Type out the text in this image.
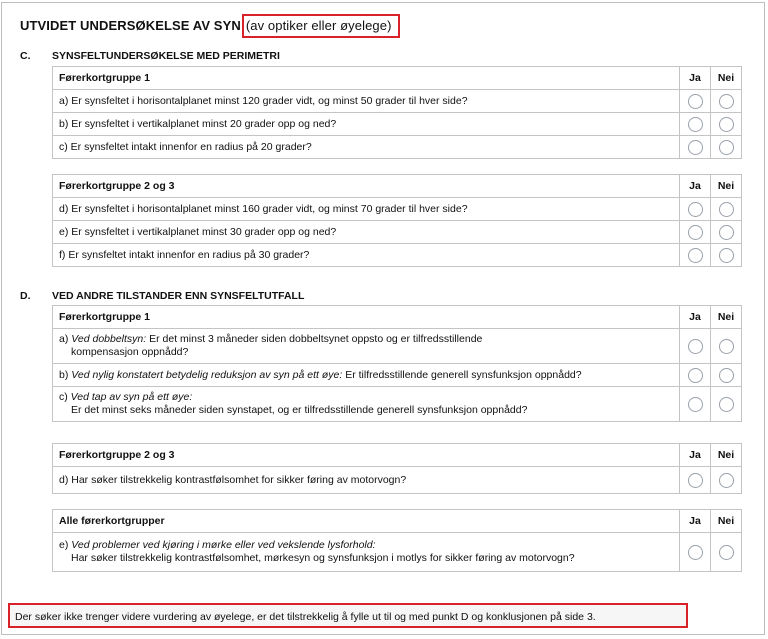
UTVIDET UNDERSØKELSE AV SYN (av optiker eller øyelege)
C. SYNSFELTUNDERSØKELSE MED PERIMETRI
Førerkortgruppe 1	Ja	Nei
a) Er synsfeltet i horisontalplanet minst 120 grader vidt, og minst 50 grader til hver side?		
b) Er synsfeltet i vertikalplanet minst 20 grader opp og ned?		
c) Er synsfeltet intakt innenfor en radius på 20 grader?		
Førerkortgruppe 2 og 3	Ja	Nei
d) Er synsfeltet i horisontalplanet minst 160 grader vidt, og minst 70 grader til hver side?		
e) Er synsfeltet i vertikalplanet minst 30 grader opp og ned?		
f) Er synsfeltet intakt innenfor en radius på 30 grader?		
D. VED ANDRE TILSTANDER ENN SYNSFELTUTFALL
Førerkortgruppe 1	Ja	Nei
a) Ved dobbeltsyn: Er det minst 3 måneder siden dobbeltsynet oppsto og er tilfredsstillende
kompensasjon oppnådd?		

b) Ved nylig konstatert betydelig reduksjon av syn på ett øye: Er tilfredsstillende generell synsfunksjon oppnådd?		
c) Ved tap av syn på ett øye:
Er det minst seks måneder siden synstapet, og er tilfredsstillende generell synsfunksjon oppnådd?		

Førerkortgruppe 2 og 3	Ja	Nei
d) Har søker tilstrekkelig kontrastfølsomhet for sikker føring av motorvogn?		
Alle førerkortgrupper	Ja	Nei
e) Ved problemer ved kjøring i mørke eller ved vekslende lysforhold:
Har søker tilstrekkelig kontrastfølsomhet, mørkesyn og synsfunksjon i motlys for sikker føring av motorvogn?		

Der søker ikke trenger videre vurdering av øyelege, er det tilstrekkelig å fylle ut til og med punkt D og konklusjonen på side 3.
